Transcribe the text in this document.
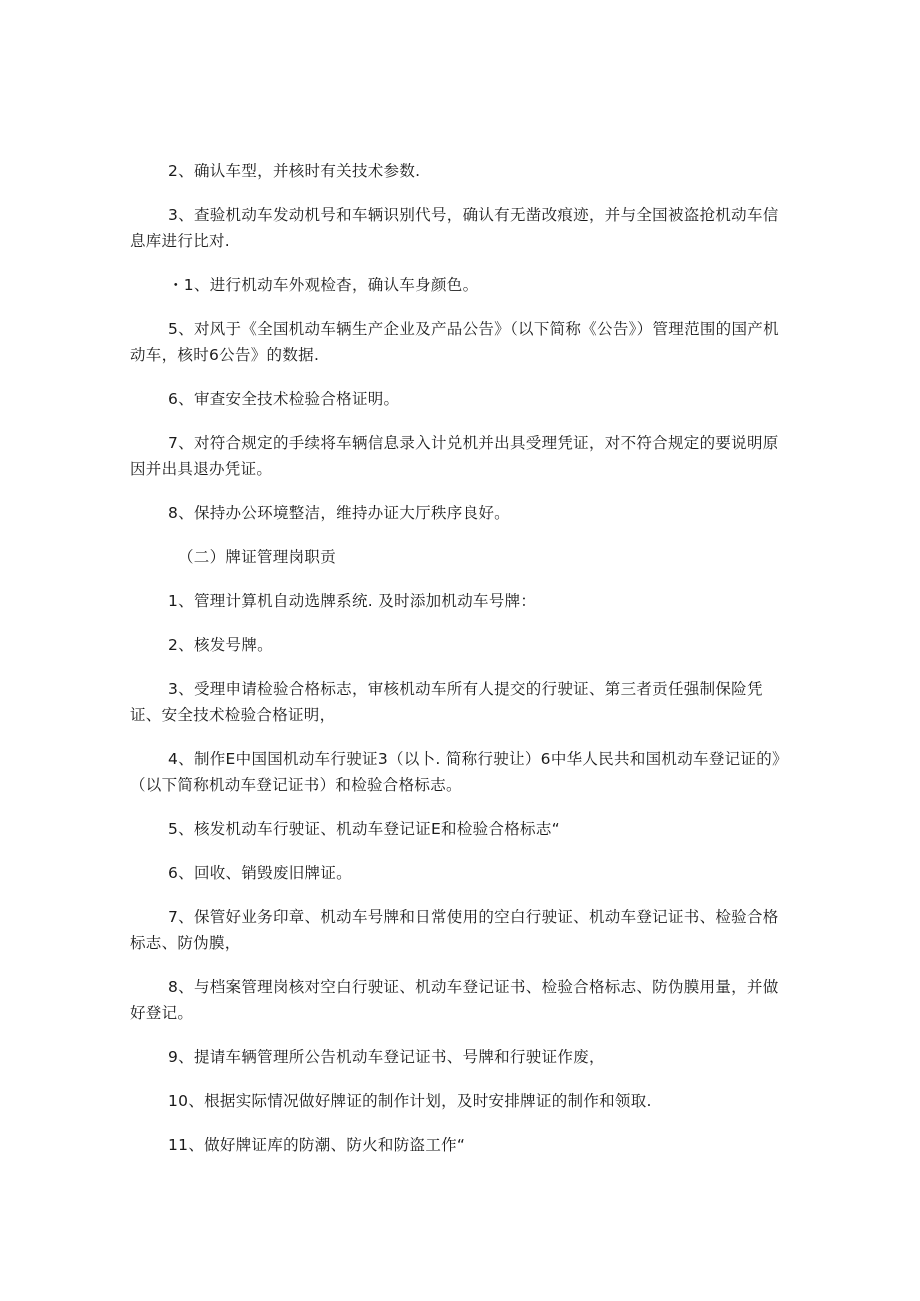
2、确认车型，并核时有关技术参数.

3、查验机动车发动机号和车辆识别代号，确认有无凿改痕迹，并与全国被盗抢机动车信息库进行比对.

・1、进行机动车外观检杳，确认车身颜色。

5、对风于《全国机动车辆生产企业及产品公告》（以下简称《公告》）管理范围的国产机动车，核时6公告》的数据.

6、审查安全技术检验合格证明。

7、对符合规定的手续将车辆信息录入计兑机并出具受理凭证，对不符合规定的要说明原因并出具退办凭证。

8、保持办公环境整洁，维持办证大厅秩序良好。

（二）牌证管理岗职贡

1、管理计算机自动选牌系统. 及时添加机动车号牌：

2、核发号牌。

3、受理申请检验合格标志，审核机动车所有人提交的行驶证、第三者贡任强制保险凭证、安全技术检验合格证明，

4、制作E中国国机动车行驶证3（以卜. 简称行驶让）6中华人民共和国机动车登记证的》（以下简称机动车登记证书）和检验合格标志。

5、核发机动车行驶证、机动车登记证E和检验合格标志“

6、回收、销毁废旧牌证。

7、保管好业务印章、机动车号牌和日常使用的空白行驶证、机动车登记证书、检验合格标志、防伪膜，

8、与档案管理岗核对空白行驶证、机动车登记证书、检验合格标志、防伪膜用量，并做好登记。

9、提请车辆管理所公告机动车登记证书、号牌和行驶证作废，

10、根据实际情况做好牌证的制作计划，及时安排牌证的制作和领取.

11、做好牌证库的防潮、防火和防盗工作“
